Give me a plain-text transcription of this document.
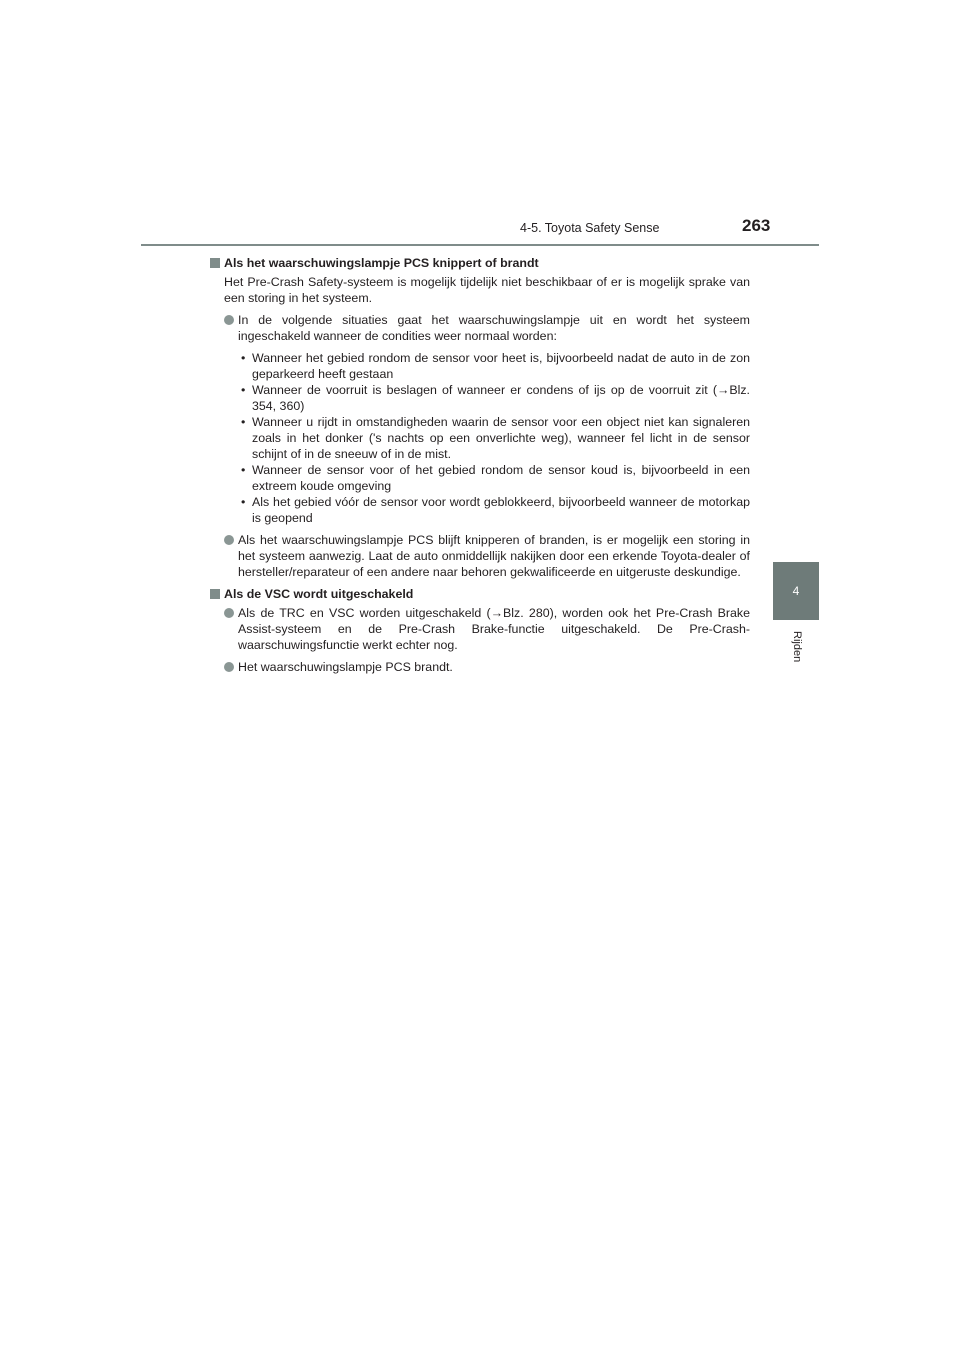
4-5. Toyota Safety Sense	263
4
Rijden
Als het waarschuwingslampje PCS knippert of brandt

Het Pre-Crash Safety-systeem is mogelijk tijdelijk niet beschikbaar of er is mogelijk sprake van een storing in het systeem.

In de volgende situaties gaat het waarschuwingslampje uit en wordt het systeem ingeschakeld wanneer de condities weer normaal worden:
• Wanneer het gebied rondom de sensor voor heet is, bijvoorbeeld nadat de auto in de zon geparkeerd heeft gestaan
• Wanneer de voorruit is beslagen of wanneer er condens of ijs op de voorruit zit (→Blz. 354, 360)
• Wanneer u rijdt in omstandigheden waarin de sensor voor een object niet kan signaleren zoals in het donker ('s nachts op een onverlichte weg), wanneer fel licht in de sensor schijnt of in de sneeuw of in de mist.
• Wanneer de sensor voor of het gebied rondom de sensor koud is, bijvoorbeeld in een extreem koude omgeving
• Als het gebied vóór de sensor voor wordt geblokkeerd, bijvoorbeeld wanneer de motorkap is geopend
Als het waarschuwingslampje PCS blijft knipperen of branden, is er mogelijk een storing in het systeem aanwezig. Laat de auto onmiddellijk nakijken door een erkende Toyota-dealer of hersteller/reparateur of een andere naar behoren gekwalificeerde en uitgeruste deskundige.
Als de VSC wordt uitgeschakeld
Als de TRC en VSC worden uitgeschakeld (→Blz. 280), worden ook het Pre-Crash Brake Assist-systeem en de Pre-Crash Brake-functie uitgeschakeld. De Pre-Crash-waarschuwingsfunctie werkt echter nog.
Het waarschuwingslampje PCS brandt.
